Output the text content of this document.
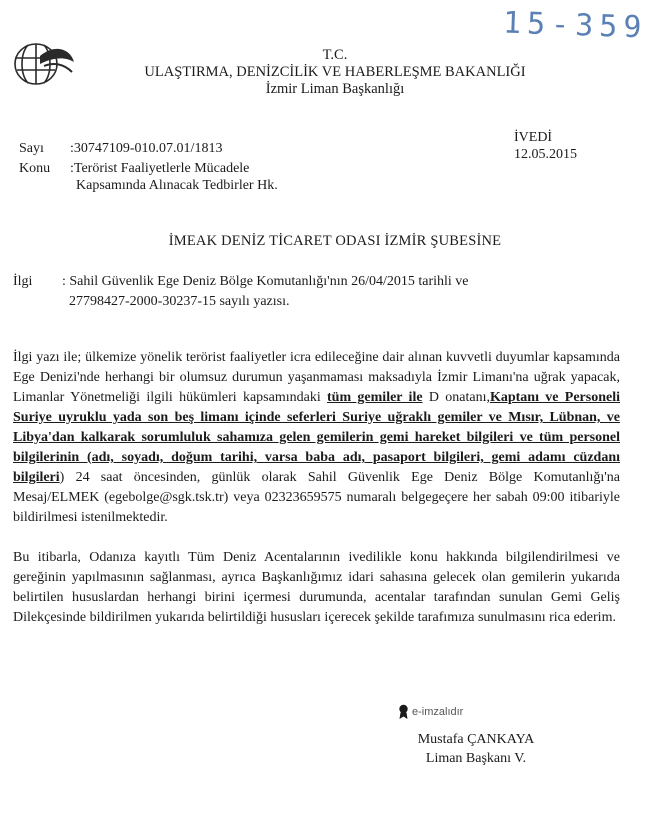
15-359
T.C.
ULAŞTIRMA, DENİZCİLİK VE HABERLEŞME BAKANLIĞI
İzmir Liman Başkanlığı
Sayı :30747109-010.07.01/1813
Konu :Terörist Faaliyetlerle Mücadele
Kapsamında Alınacak Tedbirler Hk.
İVEDİ
12.05.2015
İMEAK DENİZ TİCARET ODASI İZMİR ŞUBESİNE
İlgi : Sahil Güvenlik Ege Deniz Bölge Komutanlığı'nın 26/04/2015 tarihli ve
27798427-2000-30237-15 sayılı yazısı.
İlgi yazı ile; ülkemize yönelik terörist faaliyetler icra edileceğine dair alınan kuvvetli duyumlar kapsamında Ege Denizi'nde herhangi bir olumsuz durumun yaşanmaması maksadıyla İzmir Limanı'na uğrak yapacak, Limanlar Yönetmeliği ilgili hükümleri kapsamındaki tüm gemiler ile D onatanı,Kaptanı ve Personeli Suriye uyruklu yada son beş limanı içinde seferleri Suriye uğraklı gemiler ve Mısır, Lübnan, ve Libya'dan kalkarak sorumluluk sahamıza gelen gemilerin gemi hareket bilgileri ve tüm personel bilgilerinin (adı, soyadı, doğum tarihi, varsa baba adı, pasaport bilgileri, gemi adamı cüzdanı bilgileri) 24 saat öncesinden, günlük olarak Sahil Güvenlik Ege Deniz Bölge Komutanlığı'na Mesaj/ELMEK (egebolge@sgk.tsk.tr) veya 02323659575 numaralı belgegeçere her sabah 09:00 itibariyle bildirilmesi istenilmektedir.
Bu itibarla, Odanıza kayıtlı Tüm Deniz Acentalarının ivedilikle konu hakkında bilgilendirilmesi ve gereğinin yapılmasının sağlanması, ayrıca Başkanlığımız idari sahasına gelecek olan gemilerin yukarıda belirtilen hususlardan herhangi birini içermesi durumunda, acentalar tarafından sunulan Gemi Geliş Dilekçesinde bildirilmen yukarıda belirtildiği hususları içerecek şekilde tarafımıza sunulmasını rica ederim.
e-imzalıdır
Mustafa ÇANKAYA
Liman Başkanı V.
